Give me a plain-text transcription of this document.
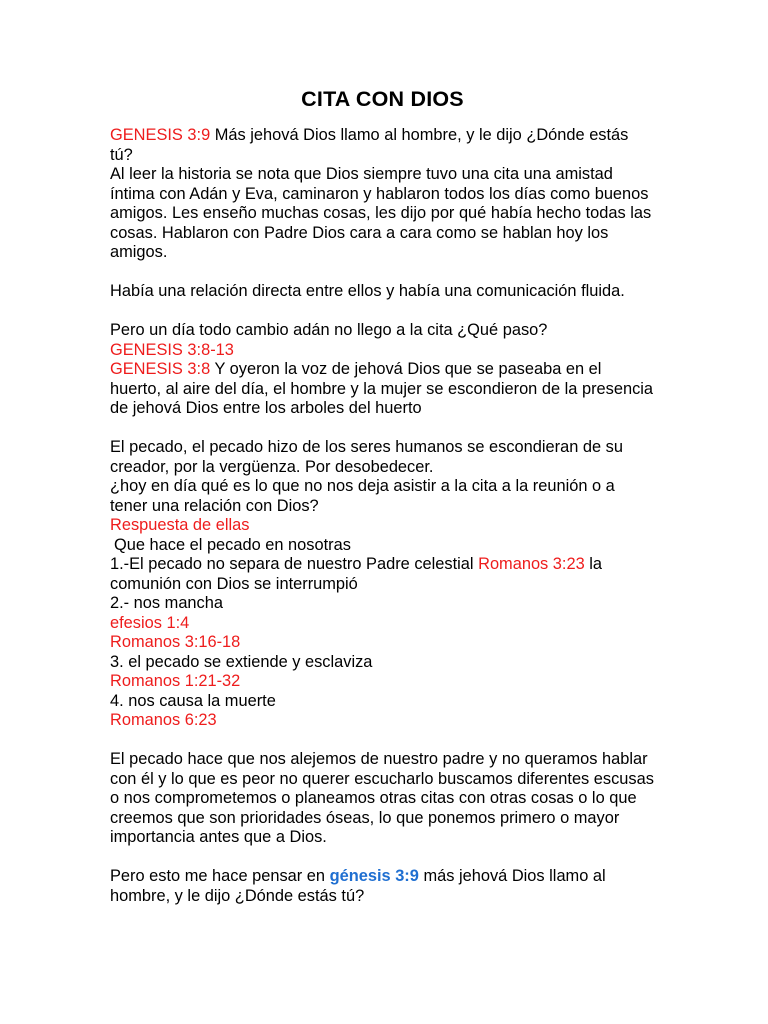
CITA CON DIOS

GENESIS 3:9 Más jehová Dios llamo al hombre, y le dijo ¿Dónde estás tú?

Al leer la historia se nota que Dios siempre tuvo una cita una amistad íntima con Adán y Eva, caminaron y hablaron todos los días como buenos amigos. Les enseño muchas cosas, les dijo por qué había hecho todas las cosas. Hablaron con Padre Dios cara a cara como se hablan hoy los amigos.

Había una relación directa entre ellos y había una comunicación fluida.

Pero un día todo cambio adán no llego a la cita ¿Qué paso?

GENESIS 3:8-13

GENESIS 3:8 Y oyeron la voz de jehová Dios que se paseaba en el huerto, al aire del día, el hombre y la mujer se escondieron de la presencia de jehová Dios entre los arboles del huerto

El pecado, el pecado hizo de los seres humanos se escondieran de su creador, por la vergüenza. Por desobedecer.

¿hoy en día qué es lo que no nos deja asistir a la cita a la reunión o a tener una relación con Dios?

Respuesta de ellas

Que hace el pecado en nosotras

1.-El pecado no separa de nuestro Padre celestial Romanos 3:23 la comunión con Dios se interrumpió

2.- nos mancha

efesios 1:4

Romanos 3:16-18

3. el pecado se extiende y esclaviza

Romanos 1:21-32

4. nos causa la muerte

Romanos 6:23

El pecado hace que nos alejemos de nuestro padre y no queramos hablar con él y lo que es peor no querer escucharlo buscamos diferentes escusas o nos comprometemos o planeamos otras citas con otras cosas o lo que creemos que son prioridades óseas, lo que ponemos primero o mayor importancia antes que a Dios.

Pero esto me hace pensar en génesis 3:9 más jehová Dios llamo al hombre, y le dijo ¿Dónde estás tú?
